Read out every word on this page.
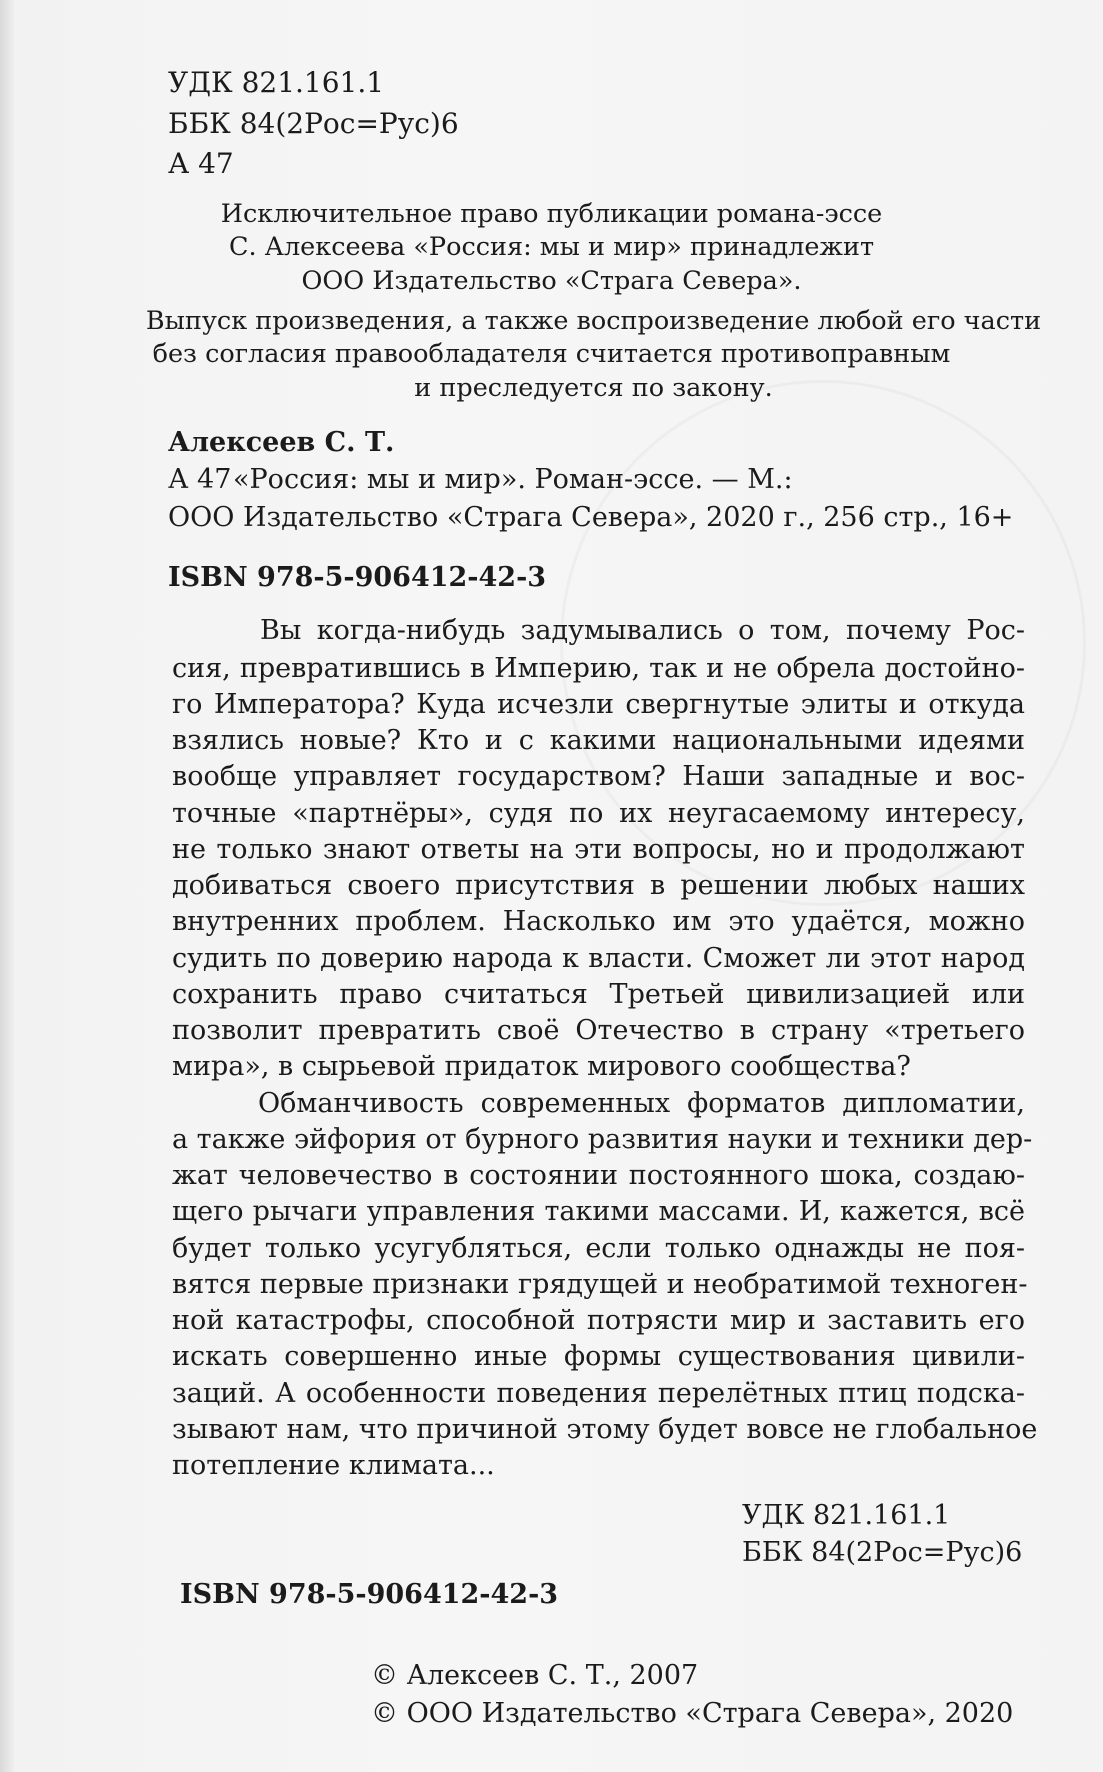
УДК 821.161.1
ББК 84(2Рос=Рус)6
А 47
Исключительное право публикации романа-эссе
С. Алексеева «Россия: мы и мир» принадлежит
ООО Издательство «Страга Севера».
Выпуск произведения, а также воспроизведение любой его части
без согласия правообладателя считается противоправным
и преследуется по закону.
Алексеев С. Т.
А 47 «Россия: мы и мир». Роман-эссе. — М.:
ООО Издательство «Страга Севера», 2020 г., 256 стр., 16+
ISBN 978-5-906412-42-3
Вы когда-нибудь задумывались о том, почему Рос-
сия, превратившись в Империю, так и не обрела достойно-
го Императора? Куда исчезли свергнутые элиты и откуда
взялись новые? Кто и с какими национальными идеями
вообще управляет государством? Наши западные и вос-
точные «партнёры», судя по их неугасаемому интересу,
не только знают ответы на эти вопросы, но и продолжают
добиваться своего присутствия в решении любых наших
внутренних проблем. Насколько им это удаётся, можно
судить по доверию народа к власти. Сможет ли этот народ
сохранить право считаться Третьей цивилизацией или
позволит превратить своё Отечество в страну «третьего
мира», в сырьевой придаток мирового сообщества?
Обманчивость современных форматов дипломатии,
а также эйфория от бурного развития науки и техники дер-
жат человечество в состоянии постоянного шока, создаю-
щего рычаги управления такими массами. И, кажется, всё
будет только усугубляться, если только однажды не поя-
вятся первые признаки грядущей и необратимой техноген-
ной катастрофы, способной потрясти мир и заставить его
искать совершенно иные формы существования цивили-
заций. А особенности поведения перелётных птиц подска-
зывают нам, что причиной этому будет вовсе не глобальное
потепление климата...
УДК 821.161.1
ББК 84(2Рос=Рус)6
ISBN 978-5-906412-42-3
© Алексеев С. Т., 2007
© ООО Издательство «Страга Севера», 2020
